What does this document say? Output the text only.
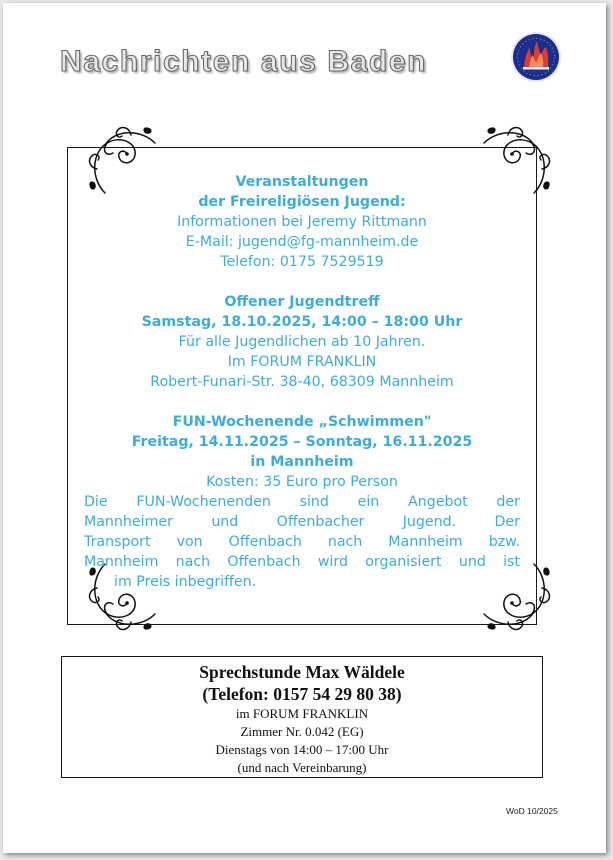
Nachrichten aus Baden
Veranstaltungen
der Freireligiösen Jugend:
Informationen bei Jeremy Rittmann
E-Mail: jugend@fg-mannheim.de
Telefon: 0175 7529519
Offener Jugendtreff
Samstag, 18.10.2025, 14:00 – 18:00 Uhr
Für alle Jugendlichen ab 10 Jahren.
Im FORUM FRANKLIN
Robert-Funari-Str. 38-40, 68309 Mannheim
FUN-Wochenende „Schwimmen"
Freitag, 14.11.2025 – Sonntag, 16.11.2025
in Mannheim
Kosten: 35 Euro pro Person
Die FUN-Wochenenden sind ein Angebot der
Mannheimer und Offenbacher Jugend. Der
Transport von Offenbach nach Mannheim bzw.
Mannheim nach Offenbach wird organisiert und ist
im Preis inbegriffen.
Sprechstunde Max Wäldele
(Telefon: 0157 54 29 80 38)
im FORUM FRANKLIN
Zimmer Nr. 0.042 (EG)
Dienstags von 14:00 – 17:00 Uhr
(und nach Vereinbarung)
WoD 10/2025
